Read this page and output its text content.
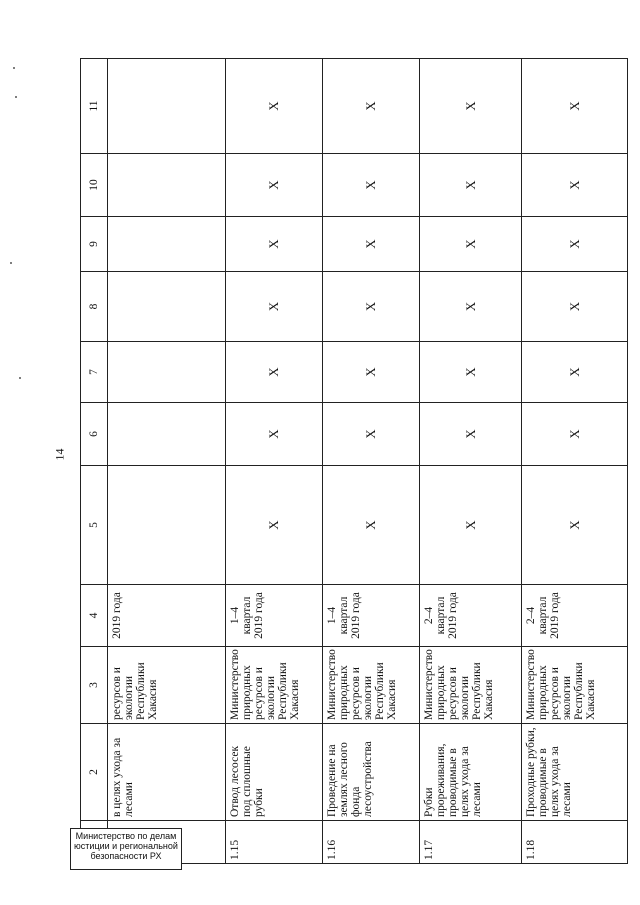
14
	2	3	4	5	6	7	8	9	10	11
	в целях ухода за лесами	ресурсов и экологии Республики Хакасия	2019 года							
1.15	Отвод лесосек под сплошные рубки	Министерство природных ресурсов и экологии Республики Хакасия	1–4 квартал 2019 года	X	X	X	X	X	X	X
1.16	Проведение на землях лесного фонда лесоустройства	Министерство природных ресурсов и экологии Республики Хакасия	1–4 квартал 2019 года	X	X	X	X	X	X	X
1.17	Рубки прореживания, проводимые в целях ухода за лесами	Министерство природных ресурсов и экологии Республики Хакасия	2–4 квартал 2019 года	X	X	X	X	X	X	X
1.18	Проходные рубки, проводимые в целях ухода за лесами	Министерство природных ресурсов и экологии Республики Хакасия	2–4 квартал 2019 года	X	X	X	X	X	X	X
Министерство по делам юстиции и региональной безопасности РХ
